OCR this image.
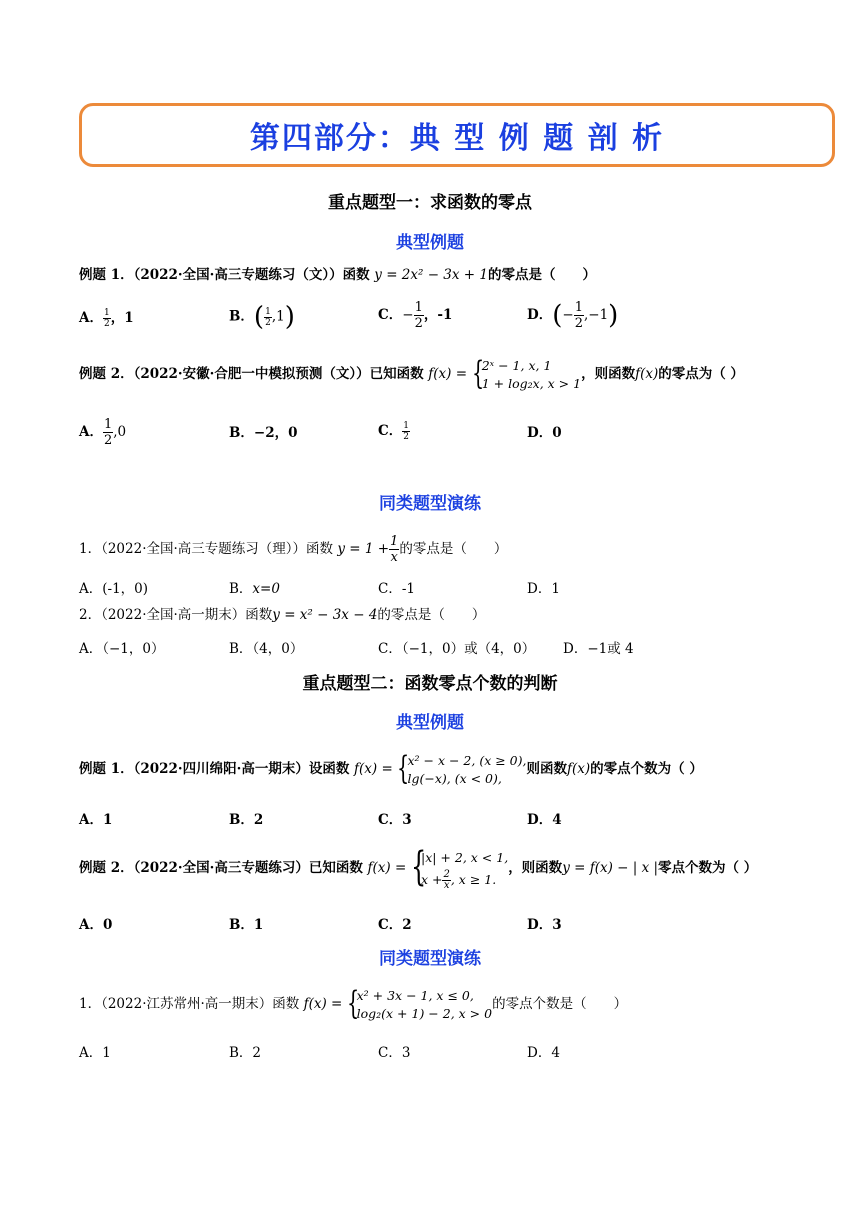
第四部分：典 型 例 题 剖 析
重点题型一：求函数的零点
典型例题
例题 1．（2022·全国·高三专题练习（文））函数 y = 2x² − 3x + 1的零点是（　　）
A． $\frac{1}{2}$ ，1	B．( $\frac{1}{2} ,1$)	C．− $\frac{1}{2}$ ，-1	D．(− $\frac{1}{2} ,-1$)
例题 2．（2022·安徽·合肥一中模拟预测（文））已知函数 f(x) = {
2ˣ − 1, x, 1
1 + log₂x, x > 1
，则函数f(x)的零点为（ ）
A． $\frac{1}{2} ,0$	B．−2，0	C． $\frac{1}{2}$	D．0
同类题型演练
1．（2022·全国·高三专题练习（理））函数 $y = 1 + \frac{1}{x}$ 的零点是（　　）
A．(-1，0)	B．x=0	C．-1	D．1
2．（2022·全国·高一期末）函数y = x² − 3x − 4的零点是（　　）
A．（−1，0）	B．（4，0）	C．（−1，0）或（4，0） D．−1或 4
重点题型二：函数零点个数的判断
典型例题
例题 1．（2022·四川绵阳·高一期末）设函数 f(x) = {
x² − x − 2, (x ≥ 0),
lg(−x), (x < 0),
则函数f(x)的零点个数为（ ）
A．1	B．2	C．3	D．4
例题 2．（2022·全国·高三专题练习）已知函数 f(x) = {
|x| + 2, x < 1,
$x + \frac{2}{x}$ , x ≥ 1.
，则函数y = f(x) − | x |零点个数为（ ）
A．0	B．1	C．2	D．3
同类题型演练
1．（2022·江苏常州·高一期末）函数 f(x) = {
x² + 3x − 1, x ≤ 0,
log₂(x + 1) − 2, x > 0
的零点个数是（　　）
A．1	B．2	C．3	D．4
